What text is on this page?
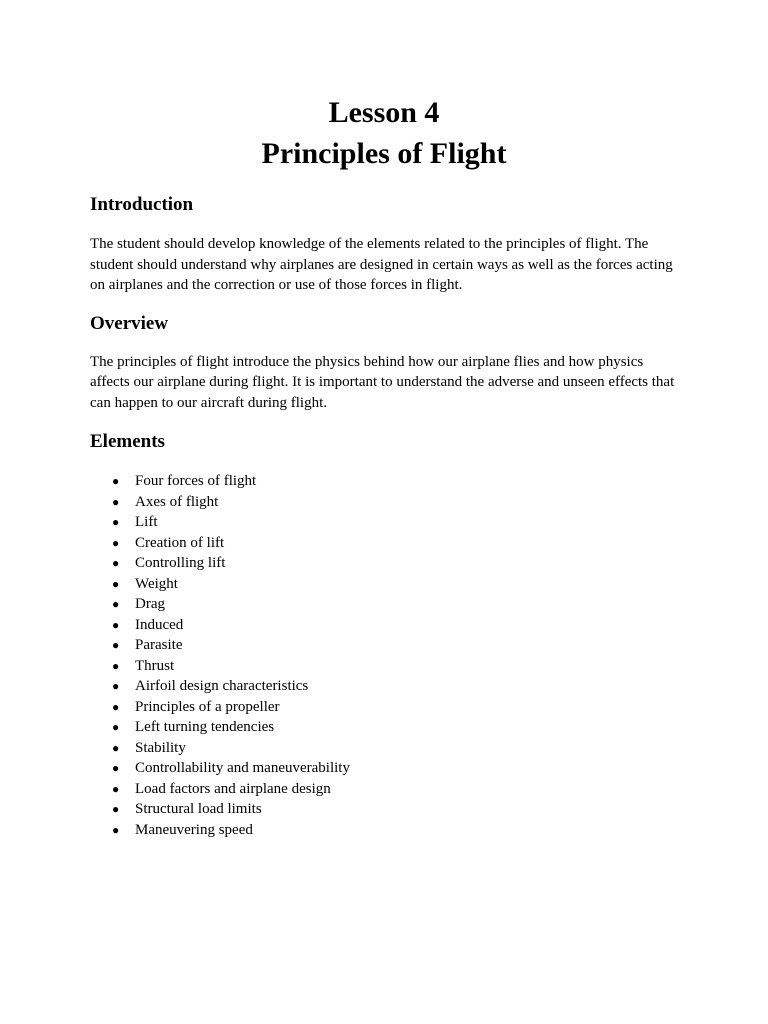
Lesson 4
Principles of Flight
Introduction

The student should develop knowledge of the elements related to the principles of flight. The student should understand why airplanes are designed in certain ways as well as the forces acting on airplanes and the correction or use of those forces in flight.

Overview

The principles of flight introduce the physics behind how our airplane flies and how physics affects our airplane during flight. It is important to understand the adverse and unseen effects that can happen to our aircraft during flight.

Elements
● Four forces of flight
● Axes of flight
● Lift
● Creation of lift
● Controlling lift
● Weight
● Drag
● Induced
● Parasite
● Thrust
● Airfoil design characteristics
● Principles of a propeller
● Left turning tendencies
● Stability
● Controllability and maneuverability
● Load factors and airplane design
● Structural load limits
● Maneuvering speed
